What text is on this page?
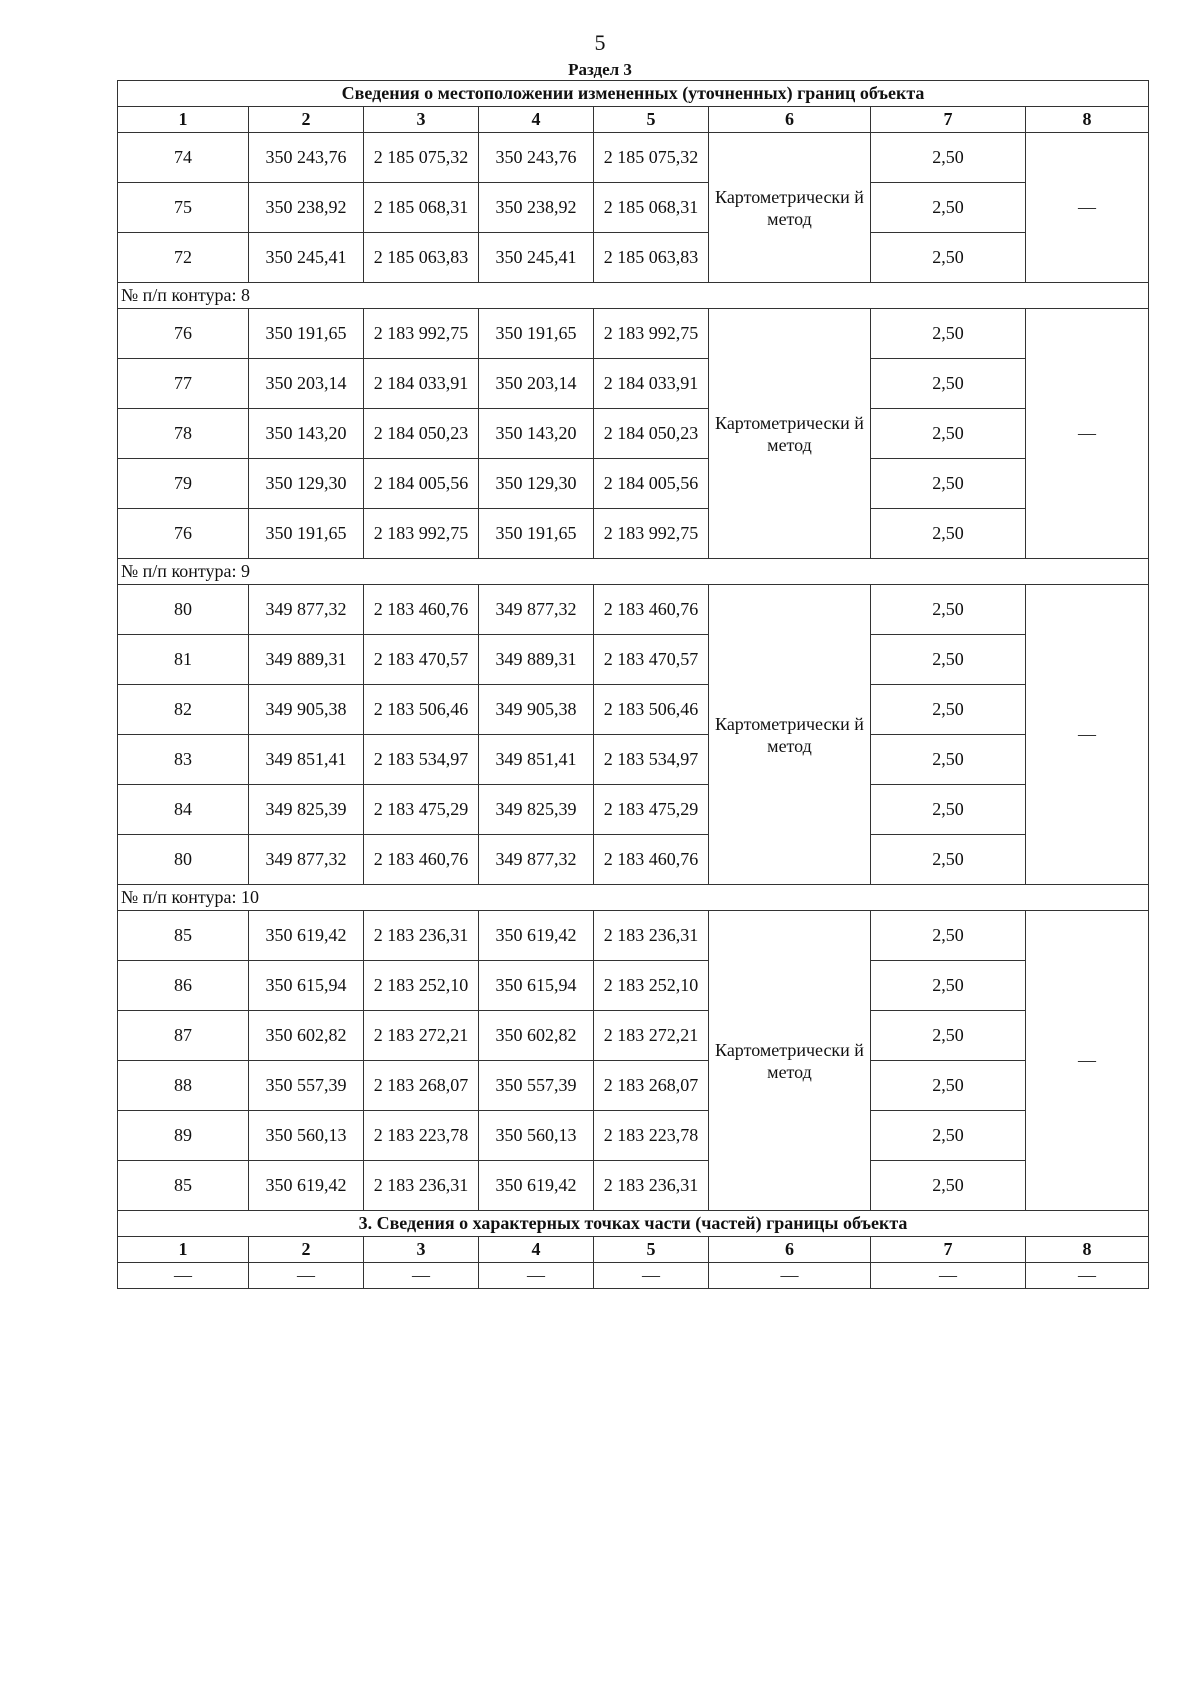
5
Раздел 3
Сведения о местоположении измененных (уточненных) границ объекта							
1	2	3	4	5	6	7	8
74	350 243,76	2 185 075,32	350 243,76	2 185 075,32	Картометрически й метод	2,50	—
75	350 238,92	2 185 068,31	350 238,92	2 185 068,31		2,50	
72	350 245,41	2 185 063,83	350 245,41	2 185 063,83		2,50	
№ п/п контура: 8							
76	350 191,65	2 183 992,75	350 191,65	2 183 992,75	Картометрически й метод	2,50	—
77	350 203,14	2 184 033,91	350 203,14	2 184 033,91		2,50	
78	350 143,20	2 184 050,23	350 143,20	2 184 050,23		2,50	
79	350 129,30	2 184 005,56	350 129,30	2 184 005,56		2,50	
76	350 191,65	2 183 992,75	350 191,65	2 183 992,75		2,50	
№ п/п контура: 9							
80	349 877,32	2 183 460,76	349 877,32	2 183 460,76	Картометрически й метод	2,50	—
81	349 889,31	2 183 470,57	349 889,31	2 183 470,57		2,50	
82	349 905,38	2 183 506,46	349 905,38	2 183 506,46		2,50	
83	349 851,41	2 183 534,97	349 851,41	2 183 534,97		2,50	
84	349 825,39	2 183 475,29	349 825,39	2 183 475,29		2,50	
80	349 877,32	2 183 460,76	349 877,32	2 183 460,76		2,50	
№ п/п контура: 10							
85	350 619,42	2 183 236,31	350 619,42	2 183 236,31	Картометрически й метод	2,50	—
86	350 615,94	2 183 252,10	350 615,94	2 183 252,10		2,50	
87	350 602,82	2 183 272,21	350 602,82	2 183 272,21		2,50	
88	350 557,39	2 183 268,07	350 557,39	2 183 268,07		2,50	
89	350 560,13	2 183 223,78	350 560,13	2 183 223,78		2,50	
85	350 619,42	2 183 236,31	350 619,42	2 183 236,31		2,50	
3. Сведения о характерных точках части (частей) границы объекта							
1	2	3	4	5	6	7	8
—	—	—	—	—	—	—	—
